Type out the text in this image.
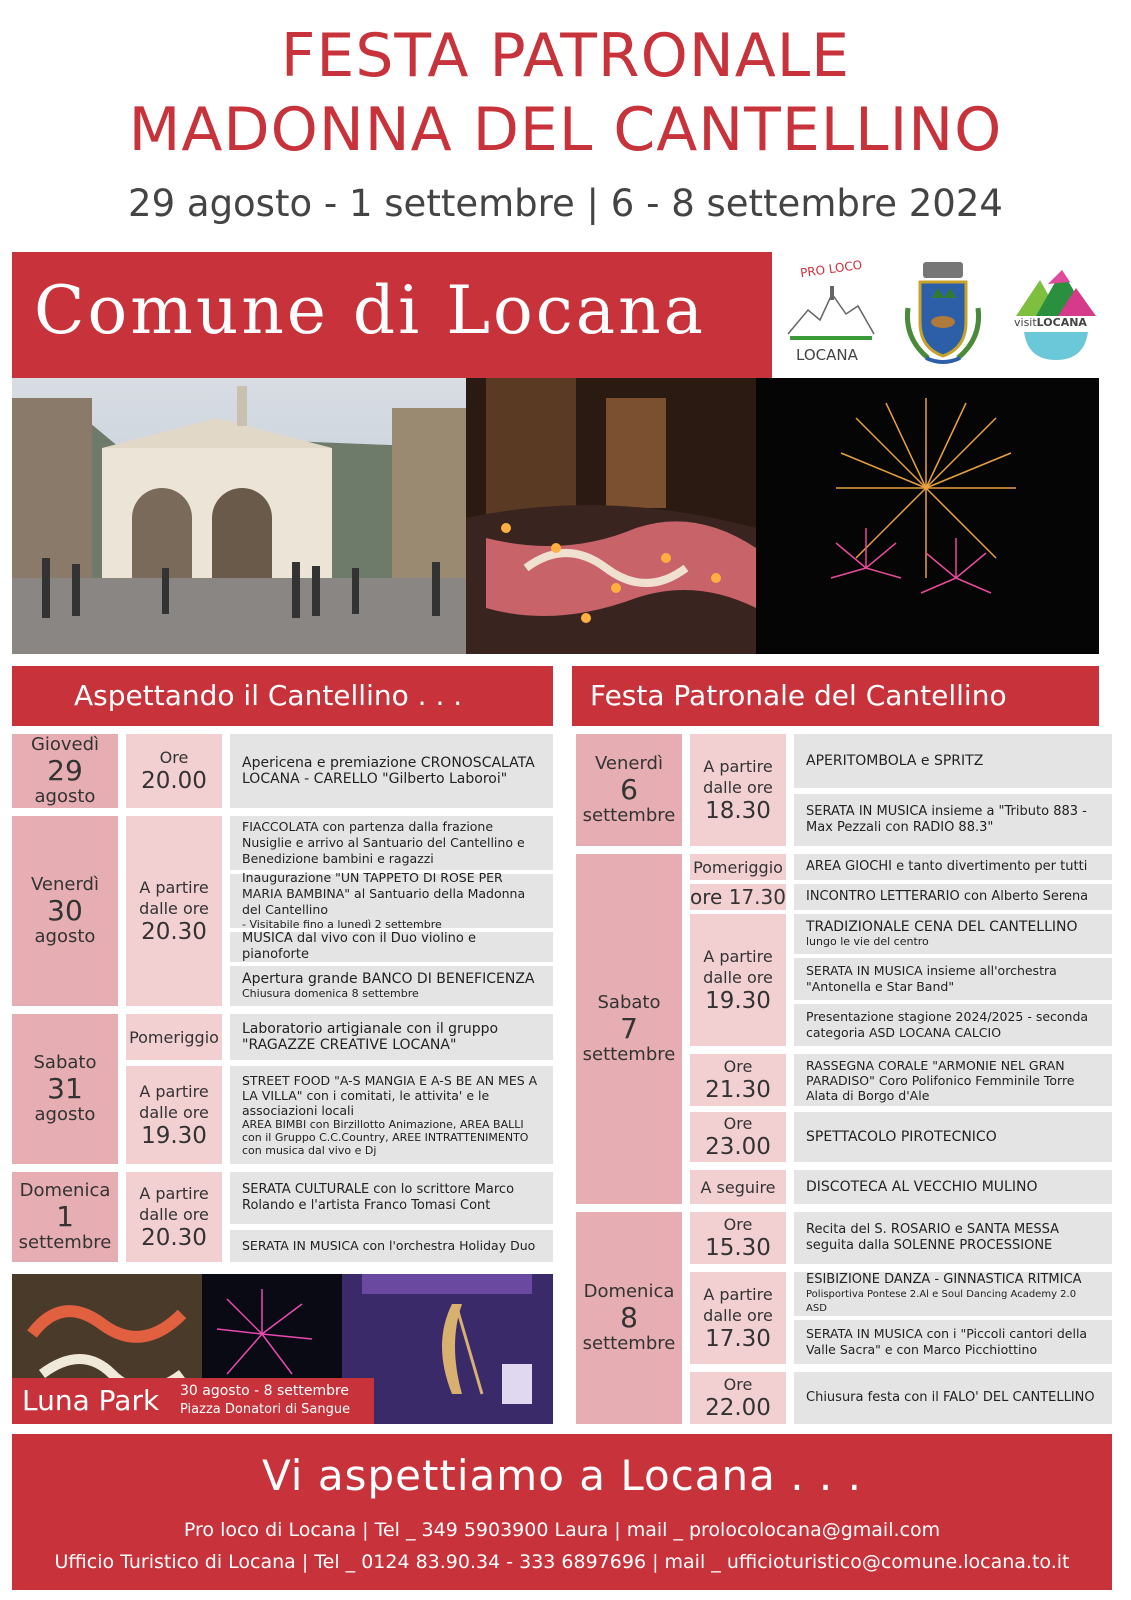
FESTA PATRONALE
MADONNA DEL CANTELLINO
29 agosto - 1 settembre | 6 - 8 settembre 2024
Comune di Locana
PRO LOCO
LOCANA
visitLOCANA
Aspettando il Cantellino . . .	Festa Patronale del Cantellino
Giovedì
29
agosto
Venerdì
30
agosto
Sabato
31
agosto
Domenica
1
settembre
Ore
20.00
A partire dalle ore
20.30
Pomeriggio
A partire dalle ore
19.30
A partire dalle ore
20.30
Apericena e premiazione CRONOSCALATA LOCANA - CARELLO "Gilberto Laboroi"
FIACCOLATA con partenza dalla frazione Nusiglie e arrivo al Santuario del Cantellino e Benedizione bambini e ragazzi
Inaugurazione "UN TAPPETO DI ROSE PER MARIA BAMBINA" al Santuario della Madonna del Cantellino
- Visitabile fino a lunedì 2 settembre
MUSICA dal vivo con il Duo violino e pianoforte
Apertura grande BANCO DI BENEFICENZA
Chiusura domenica 8 settembre
Laboratorio artigianale con il gruppo "RAGAZZE CREATIVE LOCANA"
STREET FOOD "A-S MANGIA E A-S BE AN MES A LA VILLA" con i comitati, le attivita' e le associazioni locali
AREA BIMBI con Birzillotto Animazione, AREA BALLI con il Gruppo C.C.Country, AREE INTRATTENIMENTO con musica dal vivo e Dj
SERATA CULTURALE con lo scrittore Marco Rolando e l'artista Franco Tomasi Cont
SERATA IN MUSICA con l'orchestra Holiday Duo
Luna Park 30 agosto - 8 settembre
Piazza Donatori di Sangue
Venerdì
6
settembre
Sabato
7
settembre
Domenica
8
settembre
A partire dalle ore
18.30
Pomeriggio
ore 17.30
A partire dalle ore
19.30
Ore
21.30
Ore
23.00
A seguire
Ore
15.30
A partire dalle ore
17.30
Ore
22.00
APERITOMBOLA e SPRITZ
SERATA IN MUSICA insieme a "Tributo 883 - Max Pezzali con RADIO 88.3"
AREA GIOCHI e tanto divertimento per tutti
INCONTRO LETTERARIO con Alberto Serena
TRADIZIONALE CENA DEL CANTELLINO
lungo le vie del centro
SERATA IN MUSICA insieme all'orchestra "Antonella e Star Band"
Presentazione stagione 2024/2025 - seconda categoria ASD LOCANA CALCIO
RASSEGNA CORALE "ARMONIE NEL GRAN PARADISO" Coro Polifonico Femminile Torre Alata di Borgo d'Ale
SPETTACOLO PIROTECNICO
DISCOTECA AL VECCHIO MULINO
Recita del S. ROSARIO e SANTA MESSA seguita dalla SOLENNE PROCESSIONE
ESIBIZIONE DANZA - GINNASTICA RITMICA
Polisportiva Pontese 2.Al e Soul Dancing Academy 2.0 ASD
SERATA IN MUSICA con i "Piccoli cantori della Valle Sacra" e con Marco Picchiottino
Chiusura festa con il FALO' DEL CANTELLINO
Vi aspettiamo a Locana . . .
Pro loco di Locana | Tel _ 349 5903900 Laura | mail _ prolocolocana@gmail.com
Ufficio Turistico di Locana | Tel _ 0124 83.90.34 - 333 6897696 | mail _ ufficioturistico@comune.locana.to.it
